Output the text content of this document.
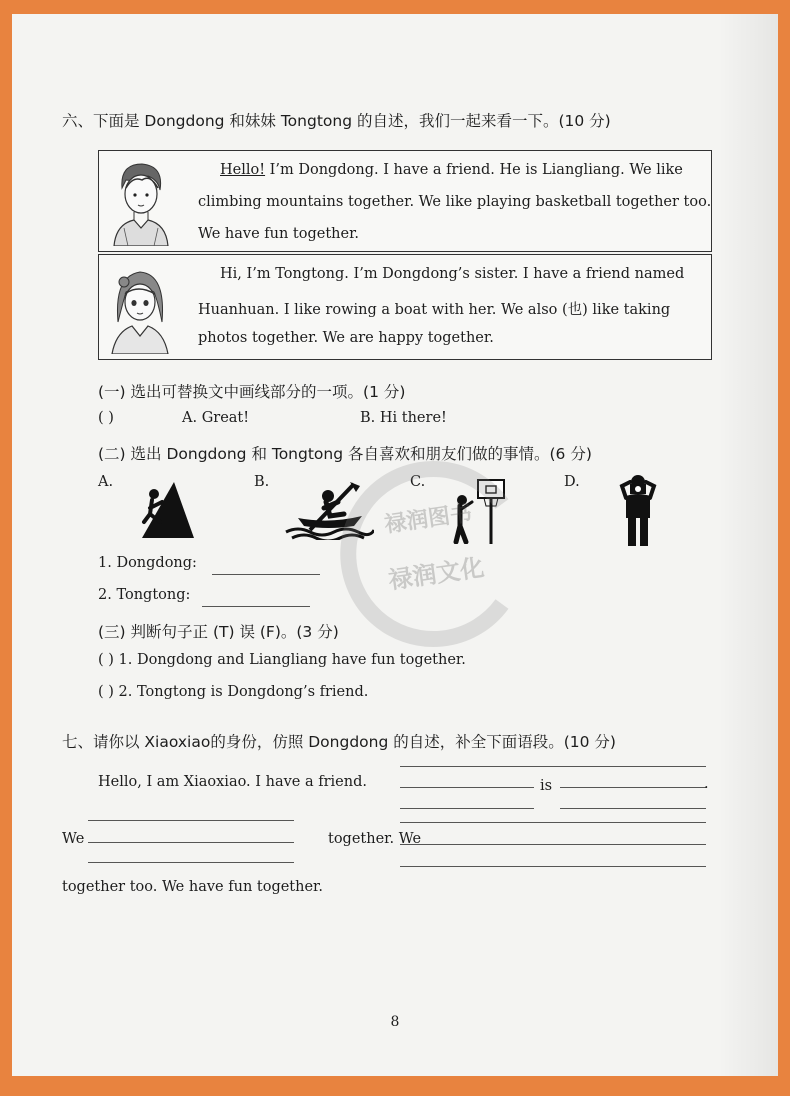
六、下面是 Dongdong 和妹妹 Tongtong 的自述，我们一起来看一下。(10 分)
Hello! I’m Dongdong. I have a friend. He is Liangliang. We like
climbing mountains together. We like playing basketball together too.
We have fun together.
Hi, I’m Tongtong. I’m Dongdong’s sister. I have a friend named
Huanhuan. I like rowing a boat with her. We also (也) like taking
photos together. We are happy together.
(一) 选出可替换文中画线部分的一项。(1 分)
( )	A. Great!	B. Hi there!
(二) 选出 Dongdong 和 Tongtong 各自喜欢和朋友们做的事情。(6 分)
A.	B.	C.	D.
1. Dongdong:
2. Tongtong:
(三) 判断句子正 (T) 误 (F)。(3 分)
( ) 1. Dongdong and Liangliang have fun together.
( ) 2. Tongtong is Dongdong’s friend.
七、请你以 Xiaoxiao的身份，仿照 Dongdong 的自述，补全下面语段。(10 分)
Hello, I am Xiaoxiao. I have a friend.	is	.
We	together. We
together too. We have fun together.
禄润图书
禄润文化
8
